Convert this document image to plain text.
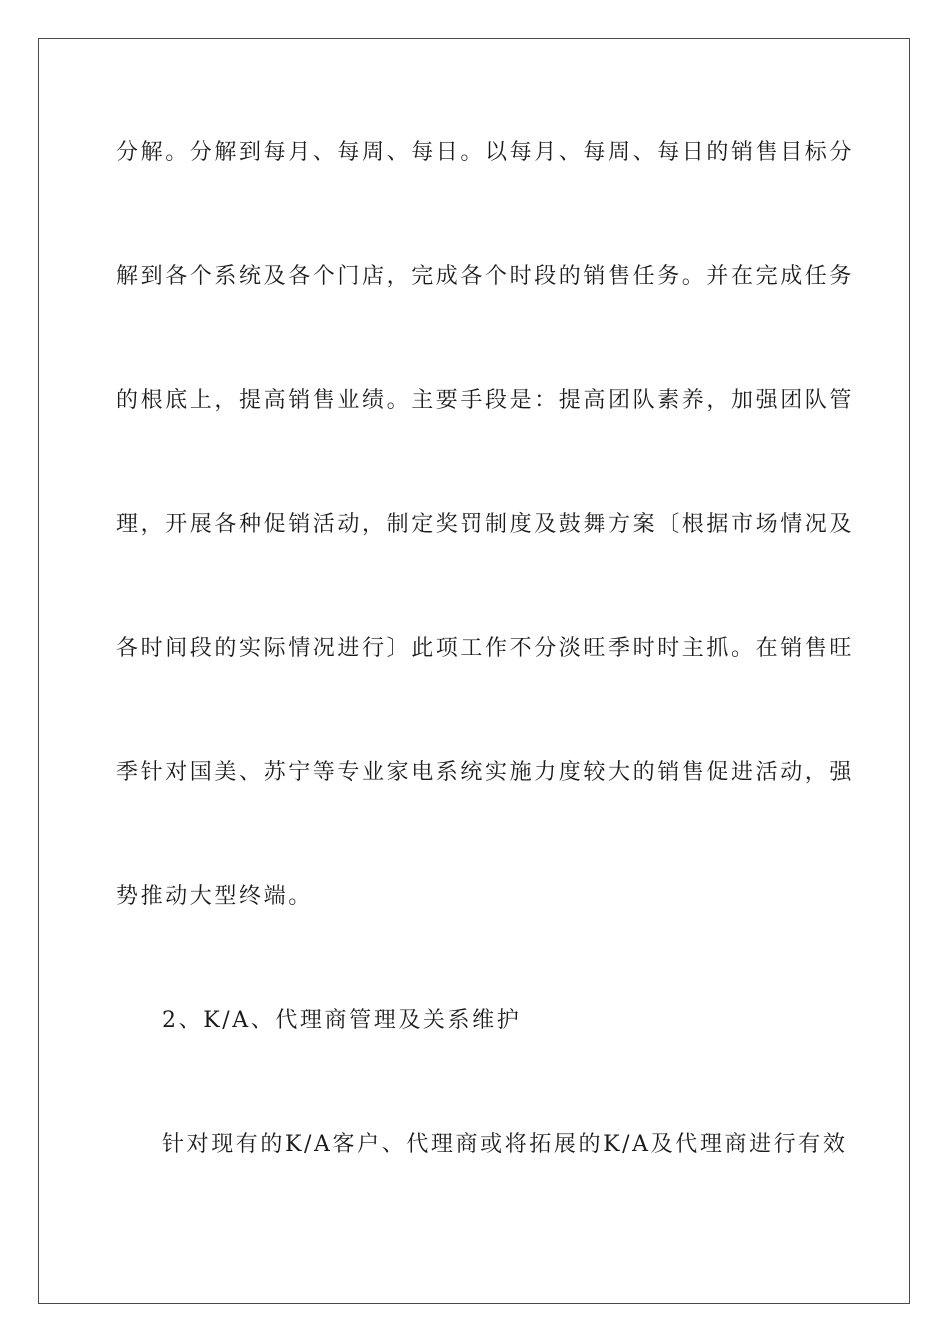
分解。分解到每月、每周、每日。以每月、每周、每日的销售目标分
解到各个系统及各个门店，完成各个时段的销售任务。并在完成任务
的根底上，提高销售业绩。主要手段是：提高团队素养，加强团队管
理，开展各种促销活动，制定奖罚制度及鼓舞方案〔根据市场情况及
各时间段的实际情况进行〕此项工作不分淡旺季时时主抓。在销售旺
季针对国美、苏宁等专业家电系统实施力度较大的销售促进活动，强
势推动大型终端。
2、K/A、代理商管理及关系维护
针对现有的K/A客户、代理商或将拓展的K/A及代理商进行有效
